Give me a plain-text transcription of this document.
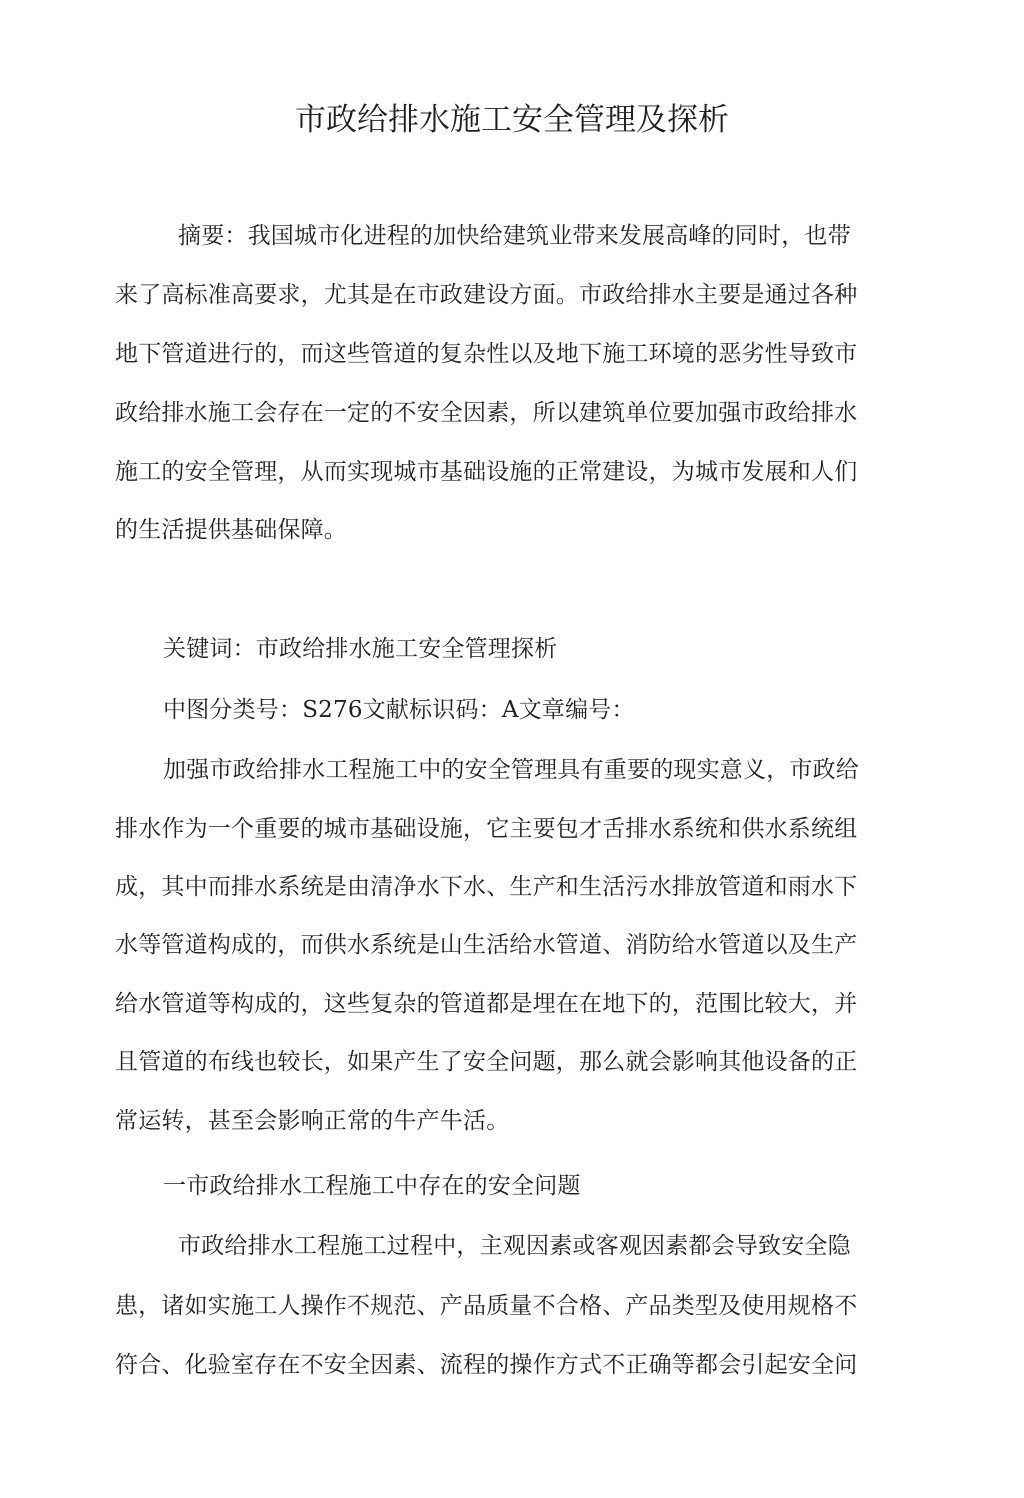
市政给排水施工安全管理及探析

摘要：我国城市化进程的加快给建筑业带来发展高峰的同时，也带

来了高标准高要求，尤其是在市政建设方面。市政给排水主要是通过各种

地下管道进行的，而这些管道的复杂性以及地下施工环境的恶劣性导致市

政给排水施工会存在一定的不安全因素，所以建筑单位要加强市政给排水

施工的安全管理，从而实现城市基础设施的正常建设，为城市发展和人们

的生活提供基础保障。

关键词：市政给排水施工安全管理探析

中图分类号：S276文献标识码：A文章编号：

加强市政给排水工程施工中的安全管理具有重要的现实意义，市政给

排水作为一个重要的城市基础设施，它主要包才舌排水系统和供水系统组

成，其中而排水系统是由清净水下水、生产和生活污水排放管道和雨水下

水等管道构成的，而供水系统是山生活给水管道、消防给水管道以及生产

给水管道等构成的，这些复杂的管道都是埋在在地下的，范围比较大，并

且管道的布线也较长，如果产生了安全问题，那么就会影响其他设备的正

常运转，甚至会影响正常的牛产牛活。

一市政给排水工程施工中存在的安全问题

市政给排水工程施工过程中，主观因素或客观因素都会导致安全隐

患，诸如实施工人操作不规范、产品质量不合格、产品类型及使用规格不

符合、化验室存在不安全因素、流程的操作方式不正确等都会引起安全问
